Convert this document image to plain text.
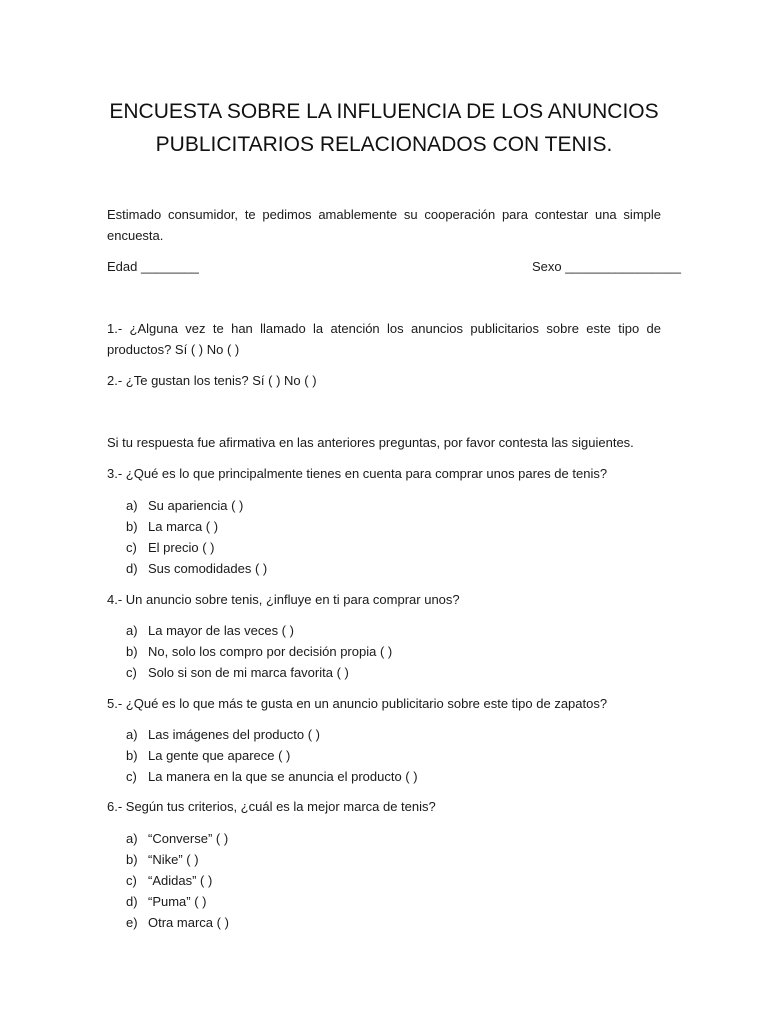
ENCUESTA SOBRE LA INFLUENCIA DE LOS ANUNCIOS
PUBLICITARIOS RELACIONADOS CON TENIS.
Estimado consumidor, te pedimos amablemente su cooperación para contestar una simple encuesta.
Edad ________	Sexo ________________
1.- ¿Alguna vez te han llamado la atención los anuncios publicitarios sobre este tipo de productos? Sí ( ) No ( )
2.- ¿Te gustan los tenis? Sí ( ) No ( )
Si tu respuesta fue afirmativa en las anteriores preguntas, por favor contesta las siguientes.
3.- ¿Qué es lo que principalmente tienes en cuenta para comprar unos pares de tenis?
a) Su apariencia ( )
b) La marca ( )
c) El precio ( )
d) Sus comodidades ( )
4.- Un anuncio sobre tenis, ¿influye en ti para comprar unos?
a) La mayor de las veces ( )
b) No, solo los compro por decisión propia ( )
c) Solo si son de mi marca favorita ( )
5.- ¿Qué es lo que más te gusta en un anuncio publicitario sobre este tipo de zapatos?
a) Las imágenes del producto ( )
b) La gente que aparece ( )
c) La manera en la que se anuncia el producto ( )
6.- Según tus criterios, ¿cuál es la mejor marca de tenis?
a) “Converse” ( )
b) “Nike” ( )
c) “Adidas” ( )
d) “Puma” ( )
e) Otra marca ( )
